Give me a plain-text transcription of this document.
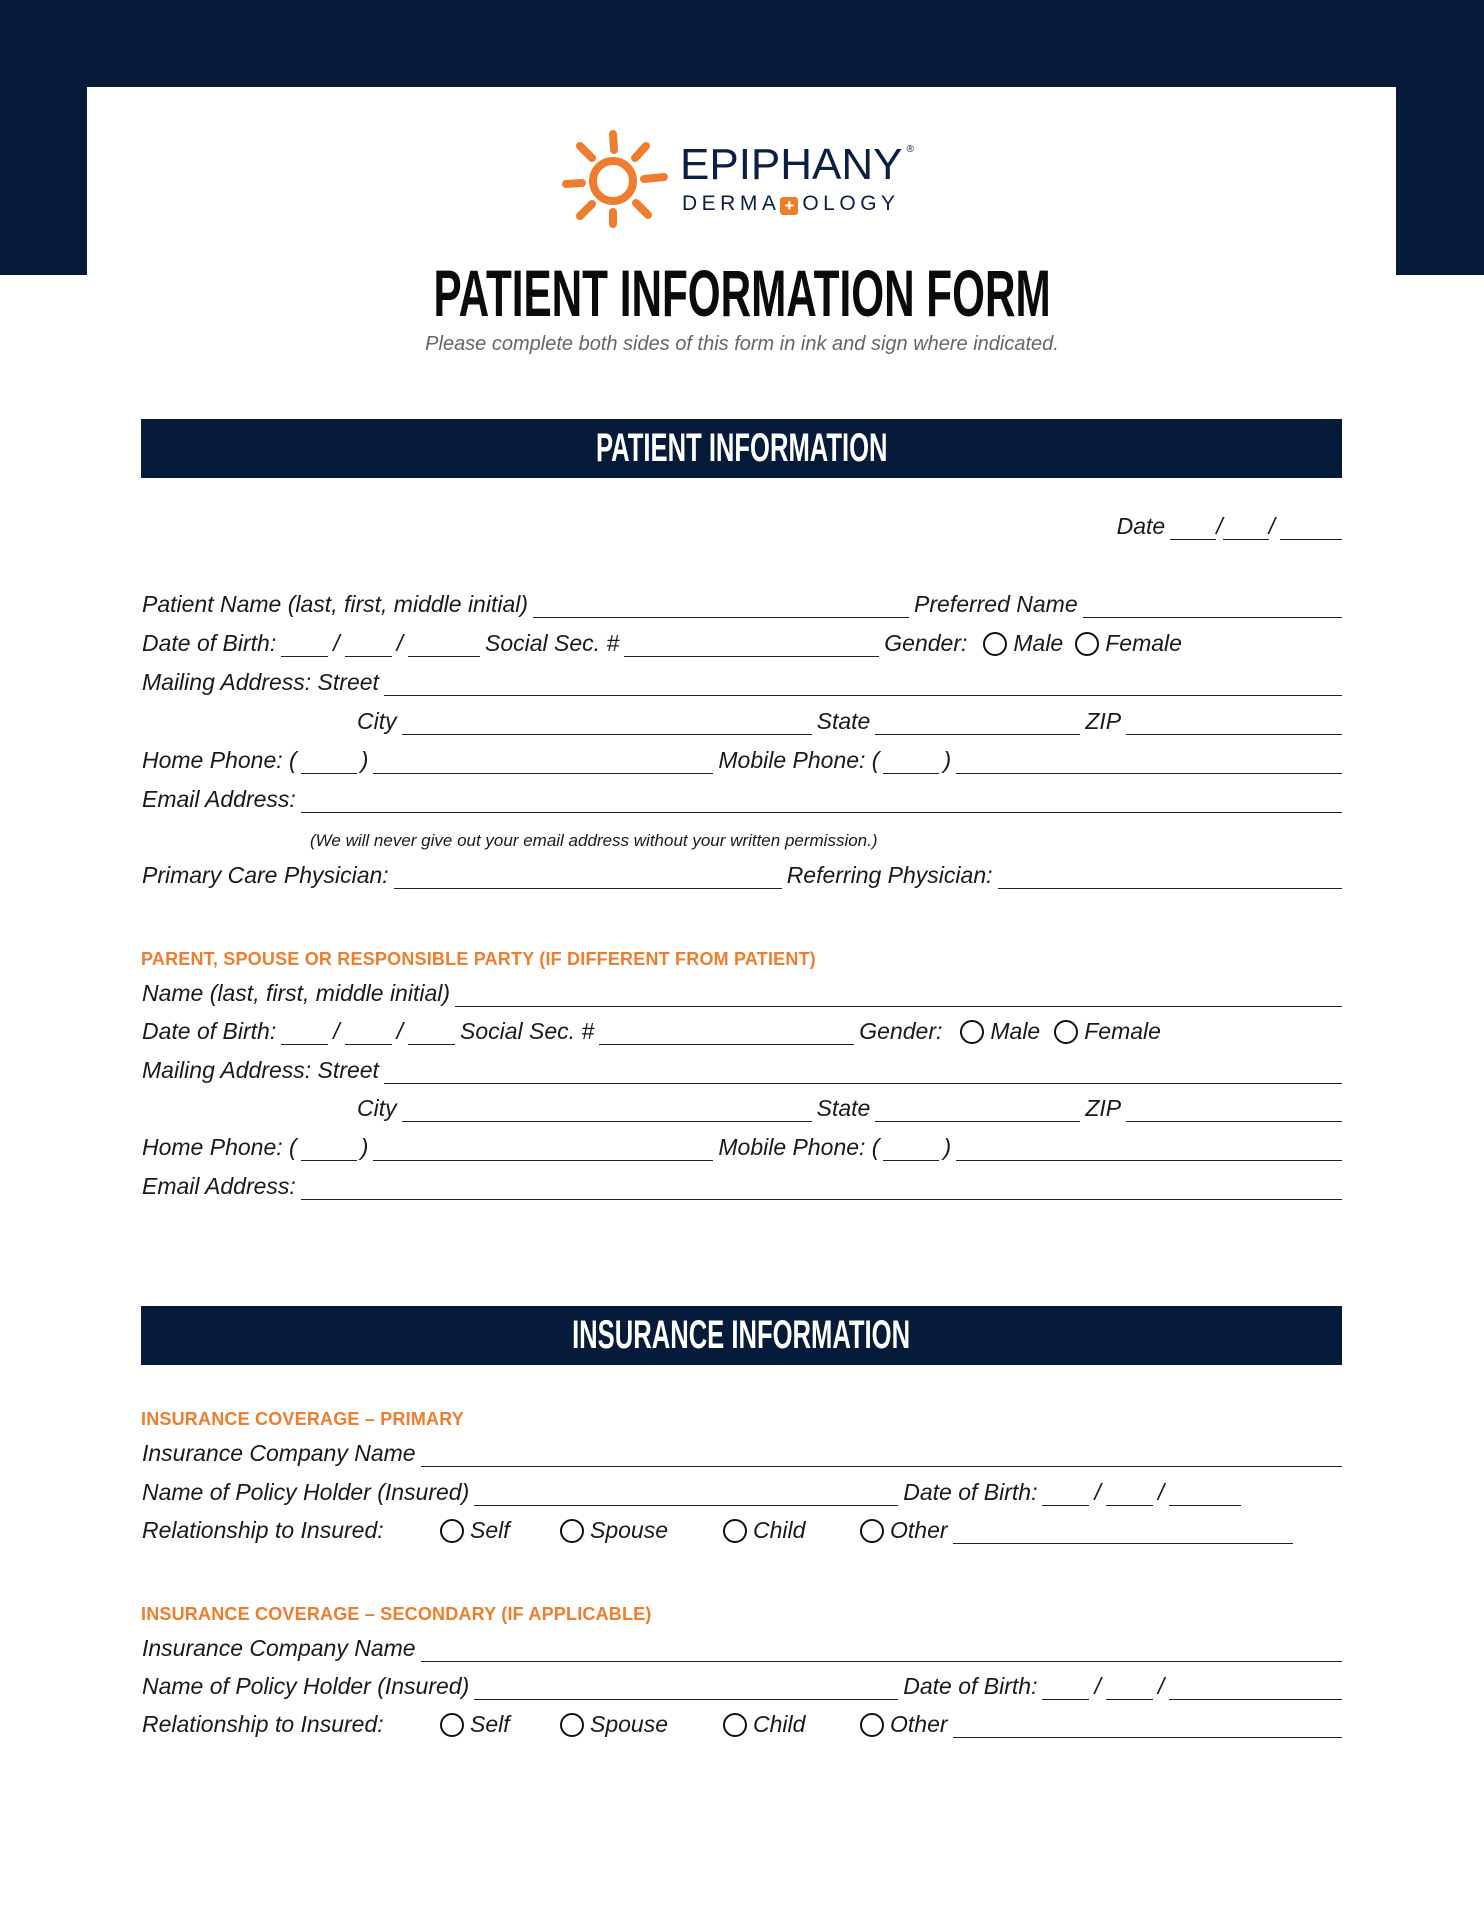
EPIPHANY ®
DERMA + OLOGY
PATIENT INFORMATION FORM
Please complete both sides of this form in ink and sign where indicated.
PATIENT INFORMATION
Date / /
Patient Name (last, first, middle initial)	Preferred Name
Date of Birth: / /	Social Sec. #	Gender: Male Female
Mailing Address: Street
City	State	ZIP
Home Phone: (	)	Mobile Phone: (	)
Email Address:
(We will never give out your email address without your written permission.)
Primary Care Physician:	Referring Physician:
PARENT, SPOUSE OR RESPONSIBLE PARTY (IF DIFFERENT FROM PATIENT)
Name (last, first, middle initial)
Date of Birth: / / Social Sec. #	Gender: Male Female
Mailing Address: Street
City	State	ZIP
Home Phone: (	)	Mobile Phone: (	)
Email Address:
INSURANCE INFORMATION
INSURANCE COVERAGE – PRIMARY
Insurance Company Name
Name of Policy Holder (Insured)	Date of Birth: / /
Relationship to Insured:	Self	Spouse	Child	Other
INSURANCE COVERAGE – SECONDARY (IF APPLICABLE)
Insurance Company Name
Name of Policy Holder (Insured)	Date of Birth: / /
Relationship to Insured:	Self	Spouse	Child	Other
